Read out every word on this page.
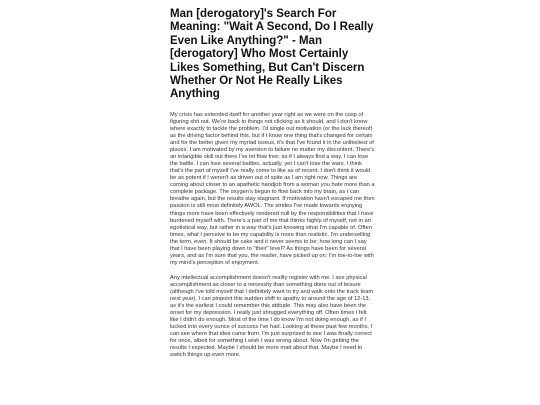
Man [derogatory]'s Search For Meaning: "Wait A Second, Do I Really Even Like Anything?" - Man [derogatory] Who Most Certainly Likes Something, But Can't Discern Whether Or Not He Really Likes Anything

My crisis has extended itself for another year right as we were on the cusp of figuring shit out. We're back to things not clicking as it should, and I don't know where exactly to tackle the problem. I'd single out motivation (or the lack thereof) as the driving factor behind this, but if I know one thing that's changed for certain and for the better given my myriad isseus, it's that I've found it in the unlikeliest of places. I am motivated by my aversion to failure no matter my discontent. There's an intangible skill out there I've let flow free; as if I always find a way. I can lose the battle. I can lose several battles, actually, yet I can't lose the wars. I think that's the part of myself I've really come to like as of recent. I don't think it would be as potent if I weren't as driven out of spite as I am right now. Things are coming about closer to an apathetic handjob from a woman you hate more than a complete package. The oxygen's begun to flow back into my brain, as I can breathe again, but the results stay stagnant. If motivation hasn't escaped me then passion is still most definitely AWOL. The strides I've made towards enjoying things more have been effectively rendered null by the responsibilities that I have burdened myself with. There's a part of me that thinks highly of myself, not in an egotistical way, but rather in a way that's just knowing what I'm capable of. Often times, what I perceive to be my capability is more than realistic. I'm underselling the term, even. It should be cake and it never seems to be; how long can I say that I have been playing down to "their" level? As things have been for several years, and as I'm sure that you, the reader, have picked up on: I'm toe-to-toe with my mind's perception of enjoyment.

Any intellectual accomplishment doesn't reallty register with me. I see physical accomplishment as closer to a necessity than something done out of leisure (although I've told myself that I definitely want to try and walk onto the track team next year). I can pinpoint this sudden shift to apathy to around the age of 12-13, as it's the earliest I could remember this attitude. This may also have been the onset for my depression. I really just shrugged everything off. Often times I felt like I didn't do enough. Most of the time I do know I'm not doing enough, as if I lucked into every ounce of success I've had. Looking at these past few months, I can see where that idea came from. I'm just surprised to see I was finally correct for once, albeit for something I wish I was wrong about. Now I'm getting the results I expected. Maybe I should be more mad about that. Maybe I need to switch things up even more.
